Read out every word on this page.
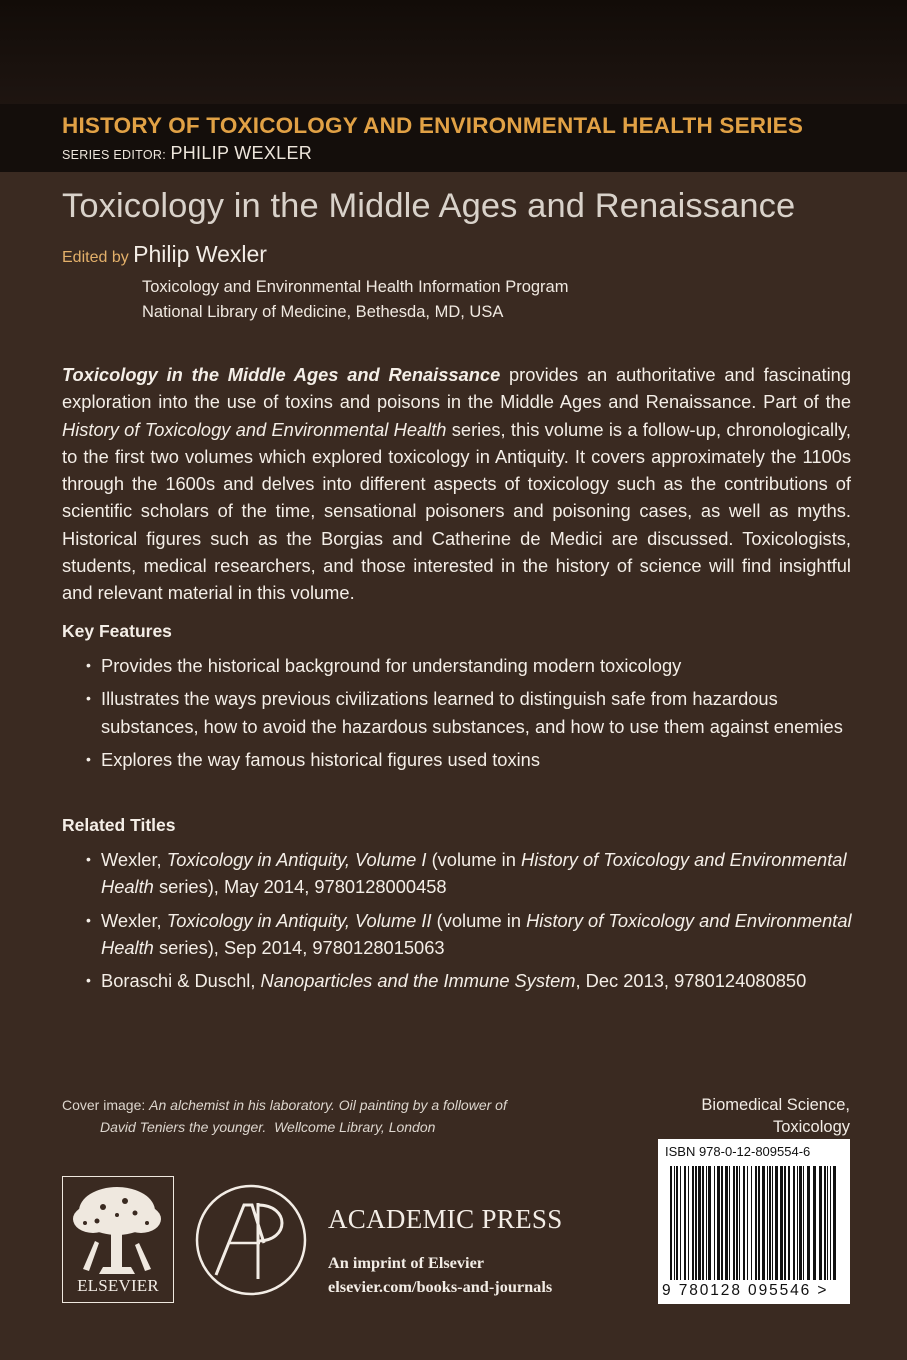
HISTORY OF TOXICOLOGY AND ENVIRONMENTAL HEALTH SERIES
SERIES EDITOR: PHILIP WEXLER
Toxicology in the Middle Ages and Renaissance
Edited by Philip Wexler
Toxicology and Environmental Health Information Program
National Library of Medicine, Bethesda, MD, USA
Toxicology in the Middle Ages and Renaissance provides an authoritative and fascinating exploration into the use of toxins and poisons in the Middle Ages and Renaissance. Part of the History of Toxicology and Environmental Health series, this volume is a follow-up, chronologically, to the first two volumes which explored toxicology in Antiquity. It covers approximately the 1100s through the 1600s and delves into different aspects of toxicology such as the contributions of scientific scholars of the time, sensational poisoners and poisoning cases, as well as myths. Historical figures such as the Borgias and Catherine de Medici are discussed. Toxicologists, students, medical researchers, and those interested in the history of science will find insightful and relevant material in this volume.
Key Features
• Provides the historical background for understanding modern toxicology
• Illustrates the ways previous civilizations learned to distinguish safe from hazardous substances, how to avoid the hazardous substances, and how to use them against enemies
• Explores the way famous historical figures used toxins
Related Titles
• Wexler, Toxicology in Antiquity, Volume I (volume in History of Toxicology and Environmental Health series), May 2014, 9780128000458
• Wexler, Toxicology in Antiquity, Volume II (volume in History of Toxicology and Environmental Health series), Sep 2014, 9780128015063
• Boraschi & Duschl, Nanoparticles and the Immune System, Dec 2013, 9780124080850
Cover image: An alchemist in his laboratory. Oil painting by a follower of
David Teniers the younger. Wellcome Library, London
Biomedical Science,
Toxicology
ISBN 978-0-12-809554-6
9 780128 095546 >
ELSEVIER
ACADEMIC PRESS
An imprint of Elsevier
elsevier.com/books-and-journals
